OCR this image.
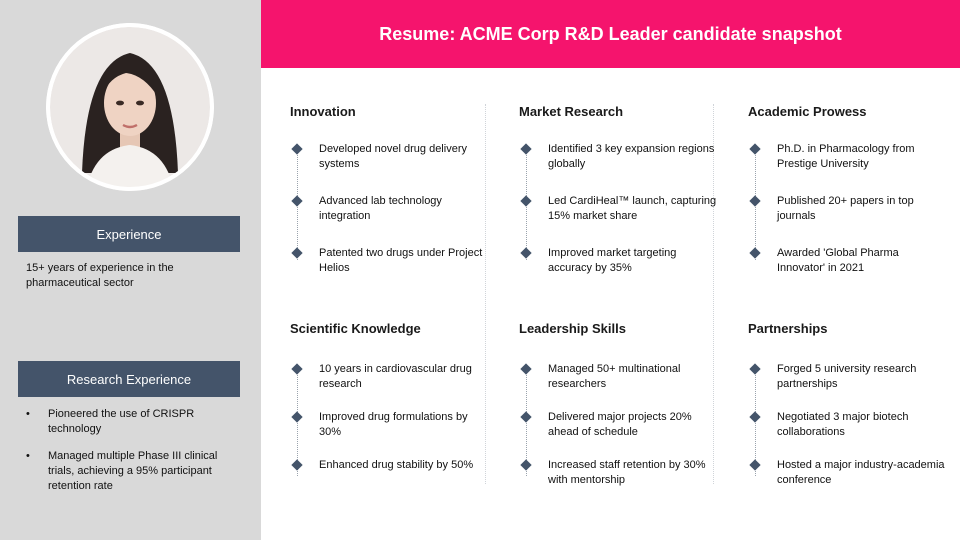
Experience
15+ years of experience in the pharmaceutical sector
Research Experience
• Pioneered the use of CRISPR technology
• Managed multiple Phase III clinical trials, achieving a 95% participant retention rate
Resume: ACME Corp R&D Leader candidate snapshot
Innovation
Developed novel drug delivery systems
Advanced lab technology integration
Patented two drugs under Project Helios
Market Research
Identified 3 key expansion regions globally
Led CardiHeal™ launch, capturing 15% market share
Improved market targeting accuracy by 35%
Academic Prowess
Ph.D. in Pharmacology from Prestige University
Published 20+ papers in top journals
Awarded 'Global Pharma Innovator' in 2021
Scientific Knowledge
10 years in cardiovascular drug research
Improved drug formulations by 30%
Enhanced drug stability by 50%
Leadership Skills
Managed 50+ multinational researchers
Delivered major projects 20% ahead of schedule
Increased staff retention by 30% with mentorship
Partnerships
Forged 5 university research partnerships
Negotiated 3 major biotech collaborations
Hosted a major industry-academia conference
